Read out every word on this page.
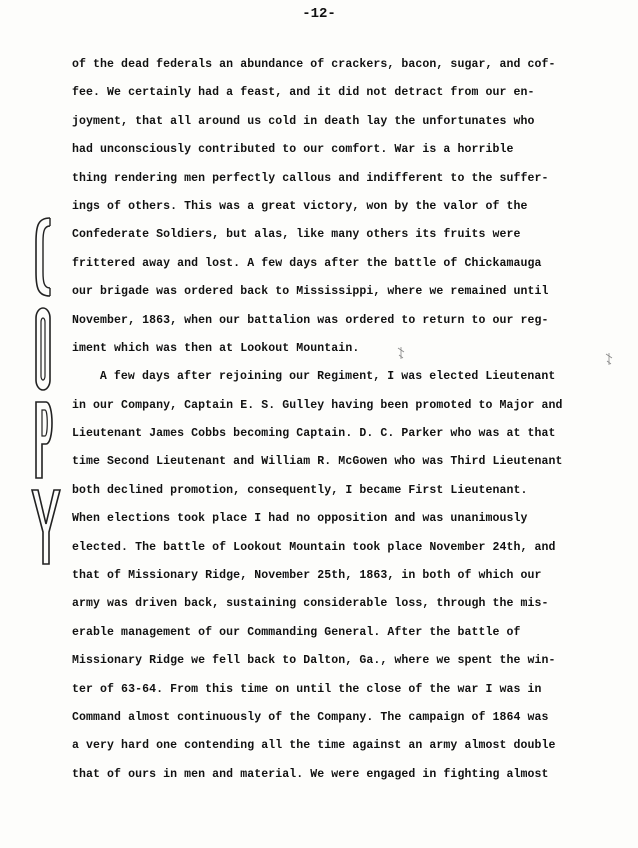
-12-
of the dead federals an abundance of crackers, bacon, sugar, and cof-
fee. We certainly had a feast, and it did not detract from our en-
joyment, that all around us cold in death lay the unfortunates who
had unconsciously contributed to our comfort. War is a horrible
thing rendering men perfectly callous and indifferent to the suffer-
ings of others. This was a great victory, won by the valor of the
Confederate Soldiers, but alas, like many others its fruits were
frittered away and lost. A few days after the battle of Chickamauga
our brigade was ordered back to Mississippi, where we remained until
November, 1863, when our battalion was ordered to return to our reg-
iment which was then at Lookout Mountain.
A few days after rejoining our Regiment, I was elected Lieutenant
in our Company, Captain E. S. Gulley having been promoted to Major and
Lieutenant James Cobbs becoming Captain. D. C. Parker who was at that
time Second Lieutenant and William R. McGowen who was Third Lieutenant
both declined promotion, consequently, I became First Lieutenant.
When elections took place I had no opposition and was unanimously
elected. The battle of Lookout Mountain took place November 24th, and
that of Missionary Ridge, November 25th, 1863, in both of which our
army was driven back, sustaining considerable loss, through the mis-
erable management of our Commanding General. After the battle of
Missionary Ridge we fell back to Dalton, Ga., where we spent the win-
ter of 63-64. From this time on until the close of the war I was in
Command almost continuously of the Company. The campaign of 1864 was
a very hard one contending all the time against an army almost double
that of ours in men and material. We were engaged in fighting almost
